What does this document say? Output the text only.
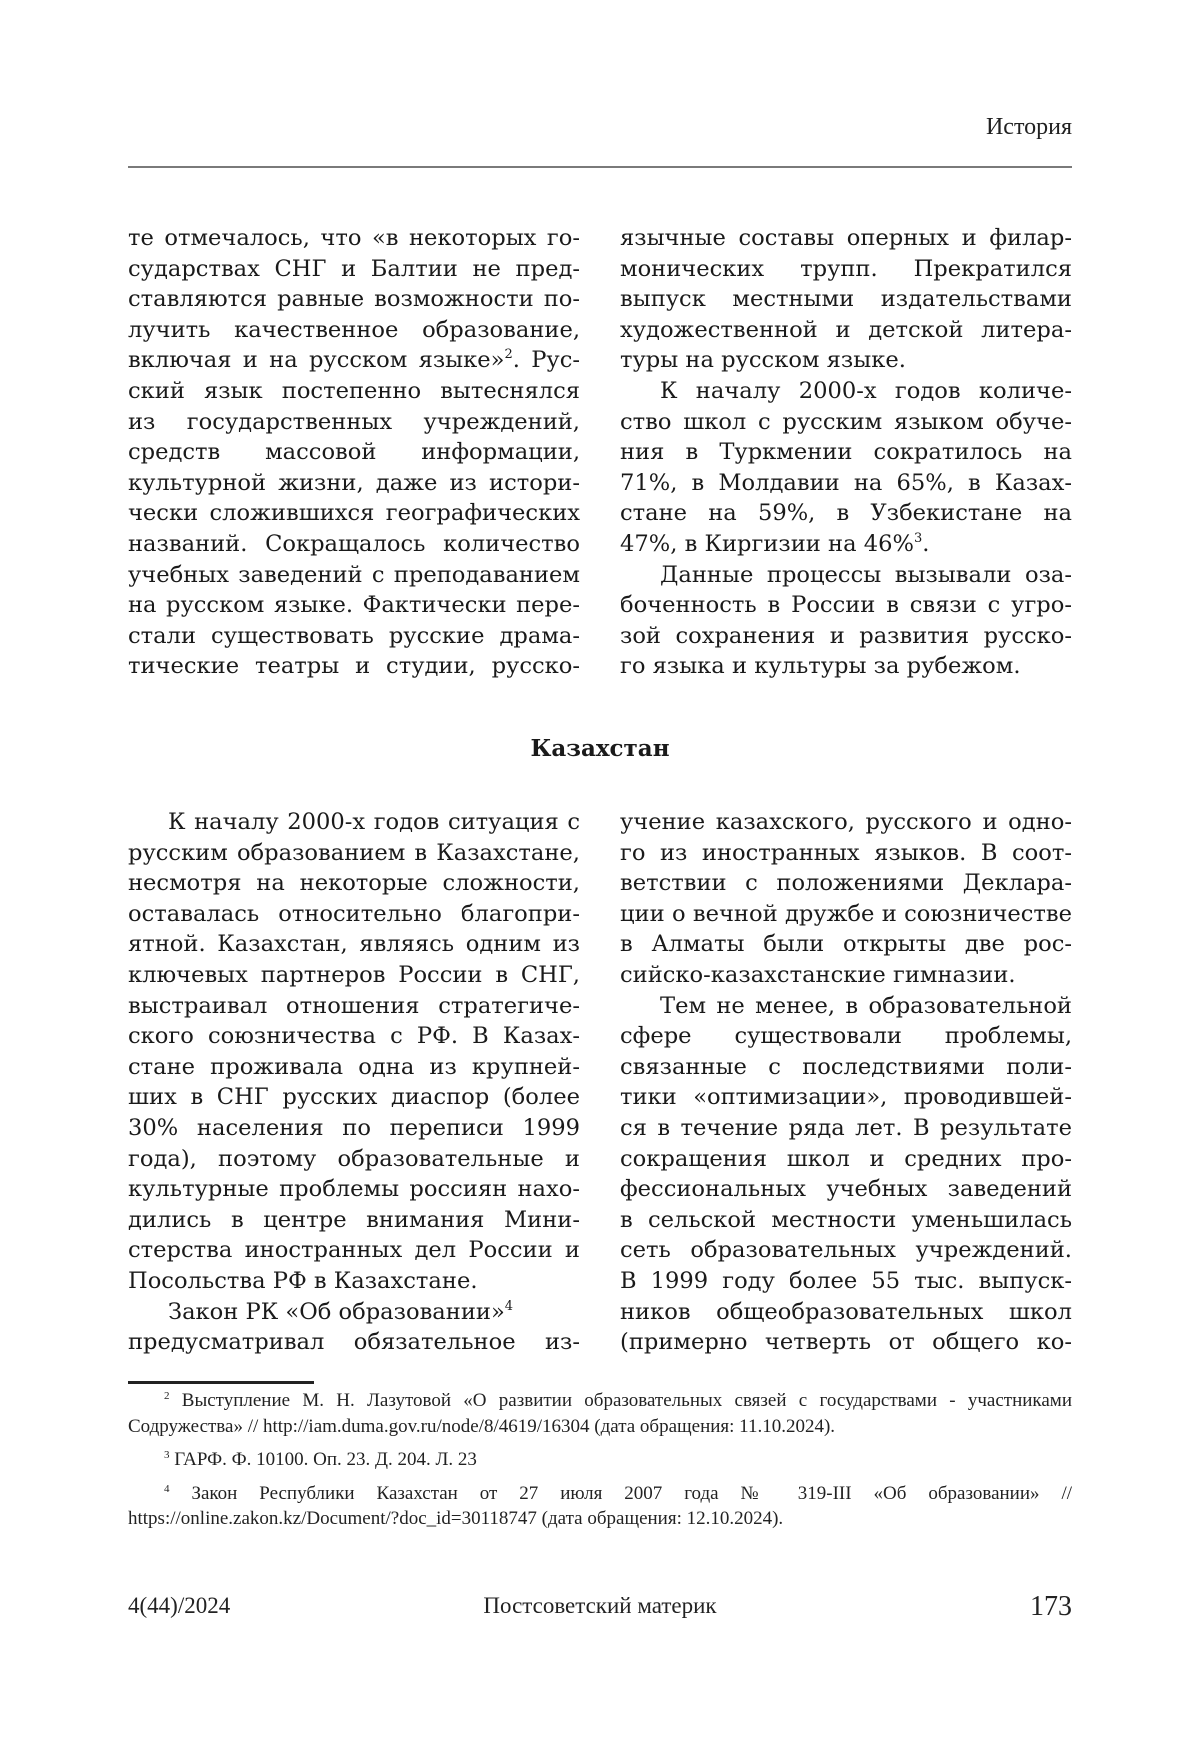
История
те отмечалось, что «в некоторых го-
сударствах СНГ и Балтии не пред-
ставляются равные возможности по-
лучить качественное образование,
включая и на русском языке»$^2$. Рус-
ский язык постепенно вытеснялся
из государственных учреждений,
средств массовой информации,
культурной жизни, даже из истори-
чески сложившихся географических
названий. Сокращалось количество
учебных заведений с преподаванием
на русском языке. Фактически пере-
стали существовать русские драма-
тические театры и студии, русско-
язычные составы оперных и филар-
монических трупп. Прекратился
выпуск местными издательствами
художественной и детской литера-
туры на русском языке.
К началу 2000-х годов количе-
ство школ с русским языком обуче-
ния в Туркмении сократилось на
71%, в Молдавии на 65%, в Казах-
стане на 59%, в Узбекистане на
47%, в Киргизии на 46%$^3$.
Данные процессы вызывали оза-
боченность в России в связи с угро-
зой сохранения и развития русско-
го языка и культуры за рубежом.
Казахстан
К началу 2000-х годов ситуация с
русским образованием в Казахстане,
несмотря на некоторые сложности,
оставалась относительно благопри-
ятной. Казахстан, являясь одним из
ключевых партнеров России в СНГ,
выстраивал отношения стратегиче-
ского союзничества с РФ. В Казах-
стане проживала одна из крупней-
ших в СНГ русских диаспор (более
30% населения по переписи 1999
года), поэтому образовательные и
культурные проблемы россиян нахо-
дились в центре внимания Мини-
стерства иностранных дел России и
Посольства РФ в Казахстане.
Закон РК «Об образовании»$^4$
предусматривал обязательное из-
учение казахского, русского и одно-
го из иностранных языков. В соот-
ветствии с положениями Деклара-
ции о вечной дружбе и союзничестве
в Алматы были открыты две рос-
сийско-казахстанские гимназии.
Тем не менее, в образовательной
сфере существовали проблемы,
связанные с последствиями поли-
тики «оптимизации», проводившей-
ся в течение ряда лет. В результате
сокращения школ и средних про-
фессиональных учебных заведений
в сельской местности уменьшилась
сеть образовательных учреждений.
В 1999 году более 55 тыс. выпуск-
ников общеобразовательных школ
(примерно четверть от общего ко-
$^2$ Выступление М. Н. Лазутовой «О развитии образовательных связей с государствами - участниками Содружества» // http://iam.duma.gov.ru/node/8/4619/16304 (дата обращения: 11.10.2024).
$^3$ ГАРФ. Ф. 10100. Оп. 23. Д. 204. Л. 23
$^4$ Закон Республики Казахстан от 27 июля 2007 года № 319-III «Об образовании» // https://online.zakon.kz/Document/?doc_id=30118747 (дата обращения: 12.10.2024).
4(44)/2024	Постсоветский материк	173
